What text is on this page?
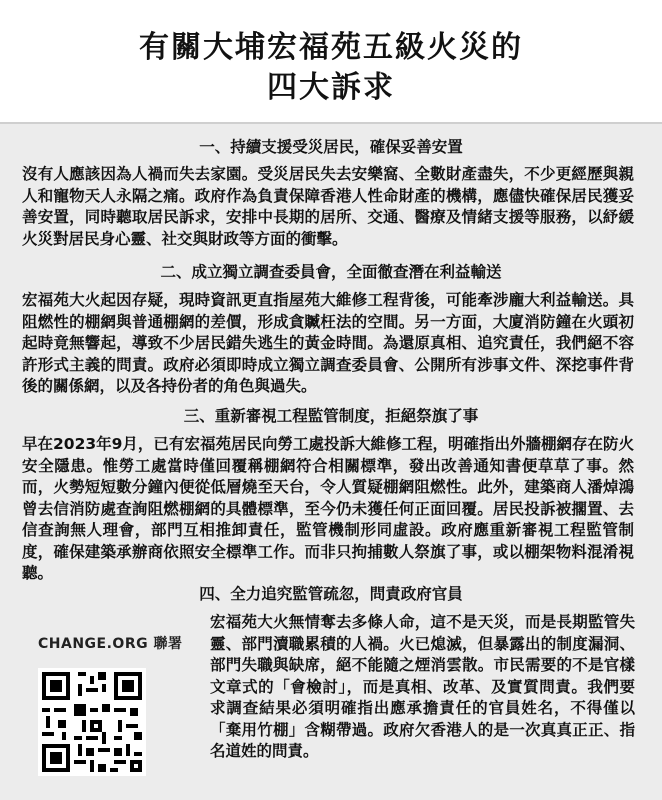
有關大埔宏福苑五級火災的
四大訴求
一、持續支援受災居民，確保妥善安置
沒有人應該因為人禍而失去家園。受災居民失去安樂窩、全數財產盡失，不少更經歷與親人和寵物天人永隔之痛。政府作為負責保障香港人性命財產的機構，應儘快確保居民獲妥善安置，同時聽取居民訴求，安排中長期的居所、交通、醫療及情緒支援等服務，以紓緩火災對居民身心靈、社交與財政等方面的衝擊。
二、成立獨立調查委員會，全面徹查潛在利益輸送
宏福苑大火起因存疑，現時資訊更直指屋苑大維修工程背後，可能牽涉龐大利益輸送。具阻燃性的棚網與普通棚網的差價，形成貪贓枉法的空間。另一方面，大廈消防鐘在火頭初起時竟無響起，導致不少居民錯失逃生的黃金時間。為還原真相、追究責任，我們絕不容許形式主義的問責。政府必須即時成立獨立調查委員會、公開所有涉事文件、深挖事件背後的關係網，以及各持份者的角色與過失。
三、重新審視工程監管制度，拒絕祭旗了事
早在2023年9月，已有宏福苑居民向勞工處投訴大維修工程，明確指出外牆棚網存在防火安全隱患。惟勞工處當時僅回覆稱棚網符合相關標準，發出改善通知書便草草了事。然而，火勢短短數分鐘內便從低層燒至天台，令人質疑棚網阻燃性。此外，建築商人潘焯鴻曾去信消防處查詢阻燃棚網的具體標準，至今仍未獲任何正面回覆。居民投訴被擱置、去信查詢無人理會，部門互相推卸責任，監管機制形同虛設。政府應重新審視工程監管制度，確保建築承辦商依照安全標準工作。而非只拘捕數人祭旗了事，或以棚架物料混淆視聽。
四、全力追究監管疏忽，問責政府官員
宏福苑大火無情奪去多條人命，這不是天災，而是長期監管失靈、部門瀆職累積的人禍。火已熄滅，但暴露出的制度漏洞、部門失職與缺席，絕不能隨之煙消雲散。市民需要的不是官樣文章式的「會檢討」，而是真相、改革、及實質問責。我們要求調查結果必須明確指出應承擔責任的官員姓名，不得僅以「棄用竹棚」含糊帶過。政府欠香港人的是一次真真正正、指名道姓的問責。
CHANGE.ORG 聯署
